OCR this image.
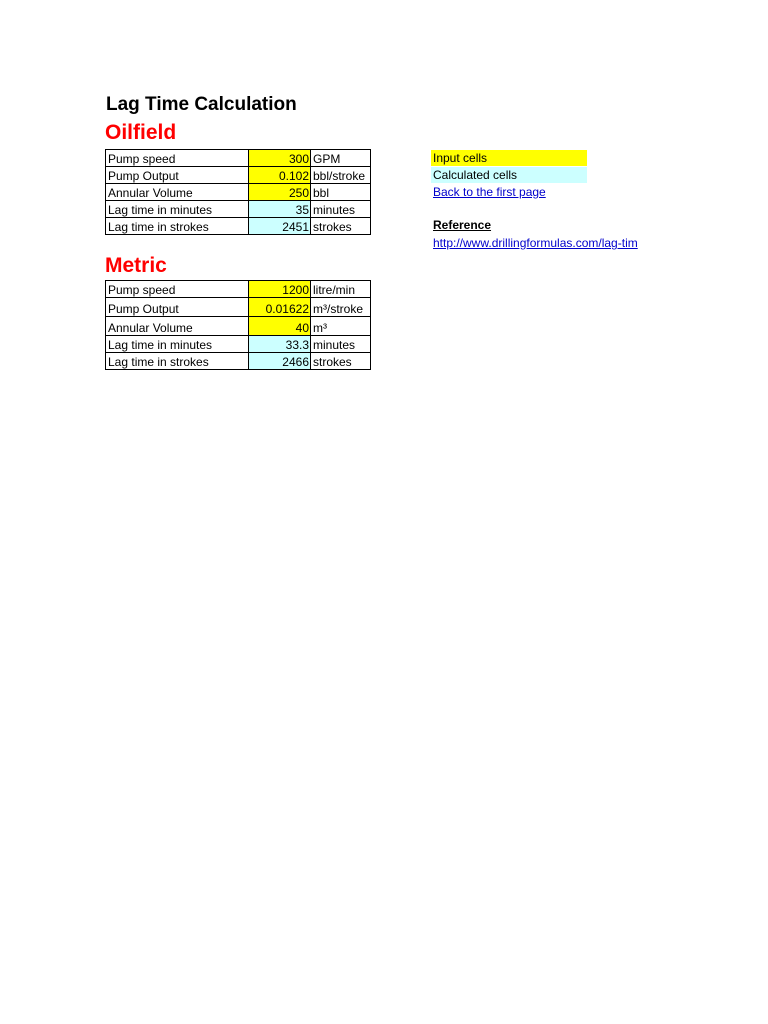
Lag Time Calculation
Oilfield
Pump speed	300	GPM
Pump Output	0.102	bbl/stroke
Annular Volume	250	bbl
Lag time in minutes	35	minutes
Lag time in strokes	2451	strokes
Metric
Pump speed	1200	litre/min
Pump Output	0.01622	m³/stroke
Annular Volume	40	m³
Lag time in minutes	33.3	minutes
Lag time in strokes	2466	strokes
Input cells
Calculated cells
Back to the first page
Reference
http://www.drillingformulas.com/lag-tim
